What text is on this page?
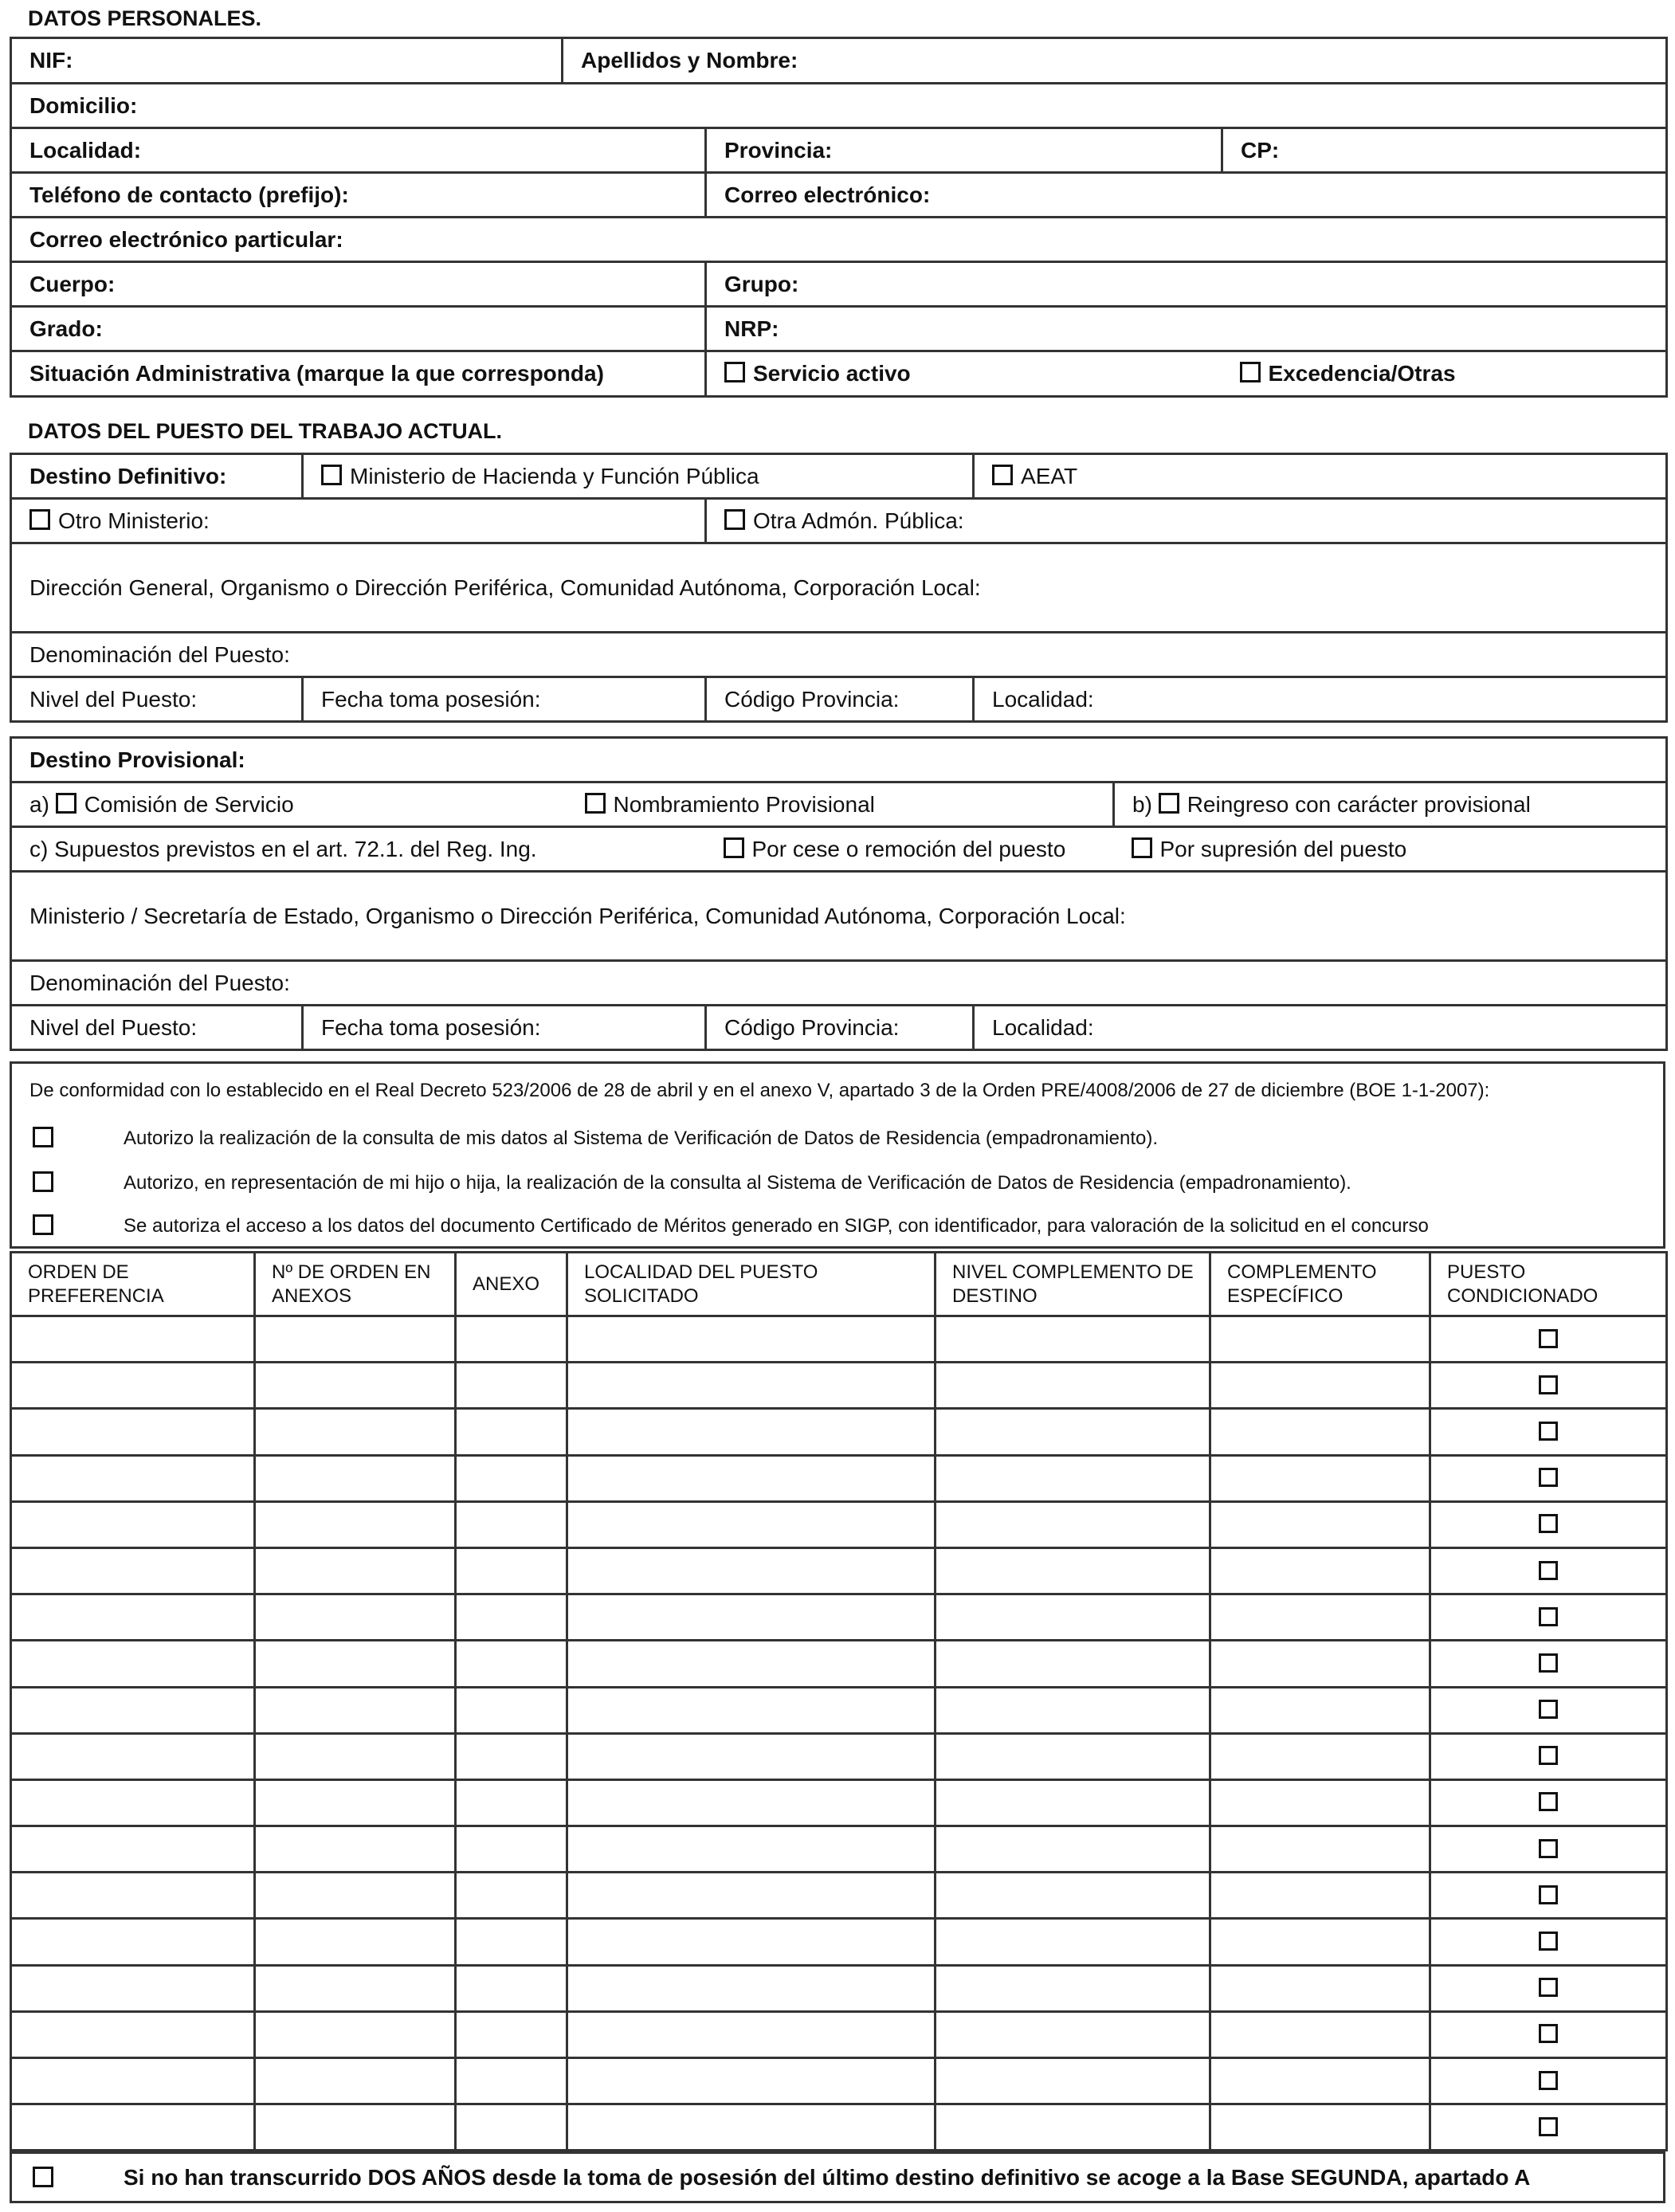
DATOS PERSONALES.
NIF:	Apellidos y Nombre:		
Domicilio:			
Localidad:		Provincia:	CP:
Teléfono de contacto (prefijo):		Correo electrónico:	
Correo electrónico particular:			
Cuerpo:		Grupo:	
Grado:		NRP:	
Situación Administrativa (marque la que corresponda)		Servicio activo	Excedencia/Otras
DATOS DEL PUESTO DEL TRABAJO ACTUAL.
Destino Definitivo:	Ministerio de Hacienda y Función Pública		AEAT
Otro Ministerio:		Otra Admón. Pública:	
Dirección General, Organismo o Dirección Periférica, Comunidad Autónoma, Corporación Local:			
Denominación del Puesto:			
Nivel del Puesto:	Fecha toma posesión:	Código Provincia:	Localidad:
Destino Provisional:					
a) Comisión de Servicio		Nombramiento Provisional			b) Reingreso con carácter provisional
c) Supuestos previstos en el art. 72.1. del Reg. Ing.			Por cese o remoción del puesto		Por supresión del puesto
Ministerio / Secretaría de Estado, Organismo o Dirección Periférica, Comunidad Autónoma, Corporación Local:					
Denominación del Puesto:					
Nivel del Puesto:	Fecha toma posesión:		Código Provincia:	Localidad:	
De conformidad con lo establecido en el Real Decreto 523/2006 de 28 de abril y en el anexo V, apartado 3 de la Orden PRE/4008/2006 de 27 de diciembre (BOE 1-1-2007):
Autorizo la realización de la consulta de mis datos al Sistema de Verificación de Datos de Residencia (empadronamiento).
Autorizo, en representación de mi hijo o hija, la realización de la consulta al Sistema de Verificación de Datos de Residencia (empadronamiento).
Se autoriza el acceso a los datos del documento Certificado de Méritos generado en SIGP, con identificador, para valoración de la solicitud en el concurso
ORDEN DE PREFERENCIA	Nº DE ORDEN EN ANEXOS	ANEXO	LOCALIDAD DEL PUESTO SOLICITADO	NIVEL COMPLEMENTO DE DESTINO	COMPLEMENTO ESPECÍFICO	PUESTO CONDICIONADO

Si no han transcurrido DOS AÑOS desde la toma de posesión del último destino definitivo se acoge a la Base SEGUNDA, apartado A
